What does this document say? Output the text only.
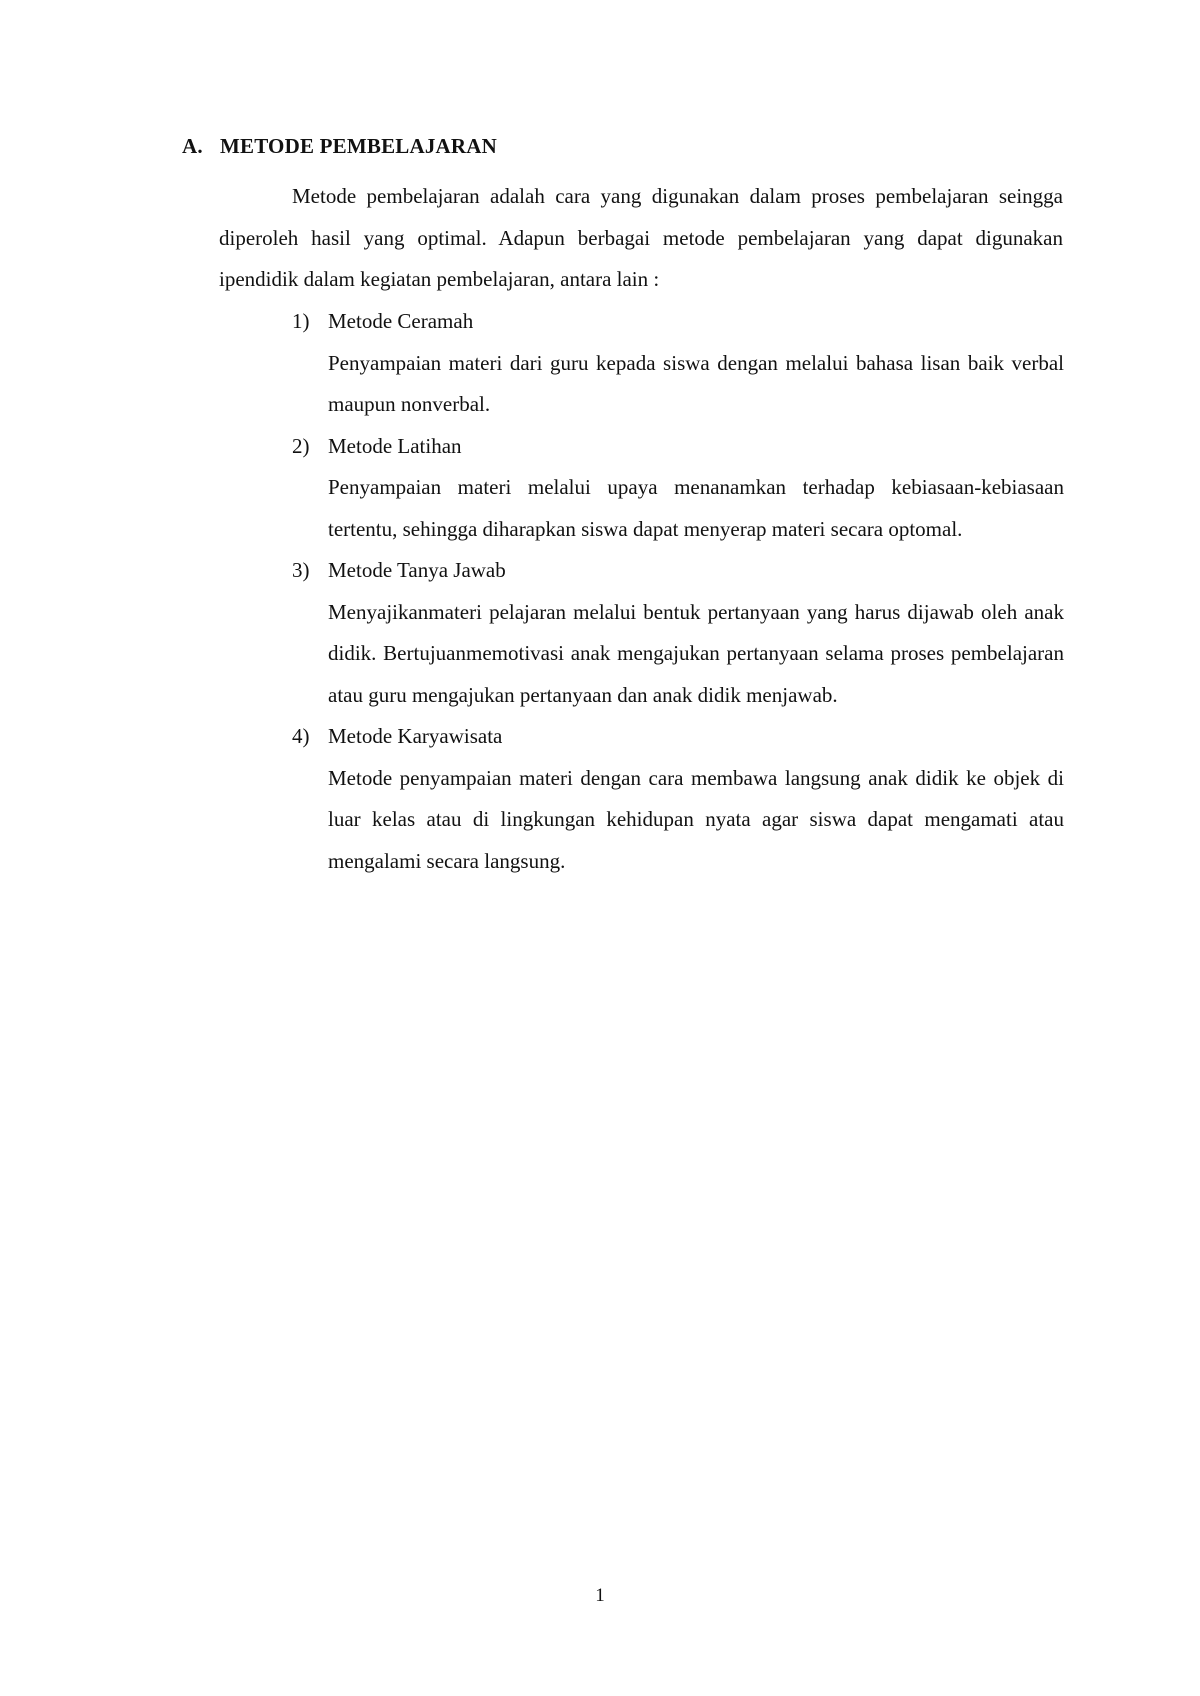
A. METODE PEMBELAJARAN

Metode pembelajaran adalah cara yang digunakan dalam proses pembelajaran seingga diperoleh hasil yang optimal. Adapun berbagai metode pembelajaran yang dapat digunakan ipendidik dalam kegiatan pembelajaran, antara lain :

1) Metode Ceramah

Penyampaian materi dari guru kepada siswa dengan melalui bahasa lisan baik verbal maupun nonverbal.

2) Metode Latihan

Penyampaian materi melalui upaya menanamkan terhadap kebiasaan-kebiasaan tertentu, sehingga diharapkan siswa dapat menyerap materi secara optomal.

3) Metode Tanya Jawab

Menyajikanmateri pelajaran melalui bentuk pertanyaan yang harus dijawab oleh anak didik. Bertujuanmemotivasi anak mengajukan pertanyaan selama proses pembelajaran atau guru mengajukan pertanyaan dan anak didik menjawab.

4) Metode Karyawisata

Metode penyampaian materi dengan cara membawa langsung anak didik ke objek di luar kelas atau di lingkungan kehidupan nyata agar siswa dapat mengamati atau mengalami secara langsung.

1
